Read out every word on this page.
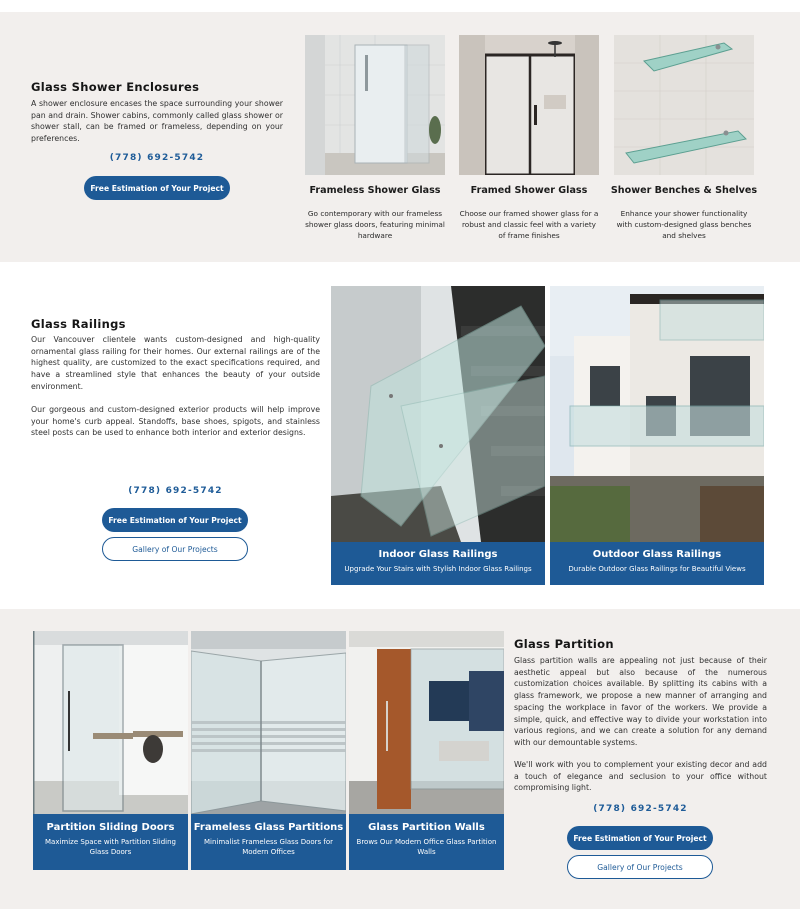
Glass Shower Enclosures
A shower enclosure encases the space surrounding your shower pan and drain. Shower cabins, commonly called glass shower or shower stall, can be framed or frameless, depending on your preferences.
(778) 692-5742
Free Estimation of Your Project	Frameless Shower Glass
Go contemporary with our frameless shower glass doors, featuring minimal hardware
Framed Shower Glass
Choose our framed shower glass for a robust and classic feel with a variety of frame finishes
Shower Benches & Shelves
Enhance your shower functionality with custom-designed glass benches and shelves
Glass Railings
Our Vancouver clientele wants custom-designed and high-quality ornamental glass railing for their homes. Our external railings are of the highest quality, are customized to the exact specifications required, and have a streamlined style that enhances the beauty of your outside environment.
Our gorgeous and custom-designed exterior products will help improve your home's curb appeal. Standoffs, base shoes, spigots, and stainless steel posts can be used to enhance both interior and exterior designs.
(778) 692-5742
Free Estimation of Your Project
Gallery of Our Projects	Indoor Glass Railings
Upgrade Your Stairs with Stylish Indoor Glass Railings
Outdoor Glass Railings
Durable Outdoor Glass Railings for Beautiful Views
Partition Sliding Doors
Maximize Space with Partition Sliding Glass Doors
Frameless Glass Partitions
Minimalist Frameless Glass Doors for Modern Offices
Glass Partition Walls
Brows Our Modern Office Glass Partition Walls
Glass Partition
Glass partition walls are appealing not just because of their aesthetic appeal but also because of the numerous customization choices available. By splitting its cabins with a glass framework, we propose a new manner of arranging and spacing the workplace in favor of the workers. We provide a simple, quick, and effective way to divide your workstation into various regions, and we can create a solution for any demand with our demountable systems.
We'll work with you to complement your existing decor and add a touch of elegance and seclusion to your office without compromising light.
(778) 692-5742
Free Estimation of Your Project
Gallery of Our Projects
